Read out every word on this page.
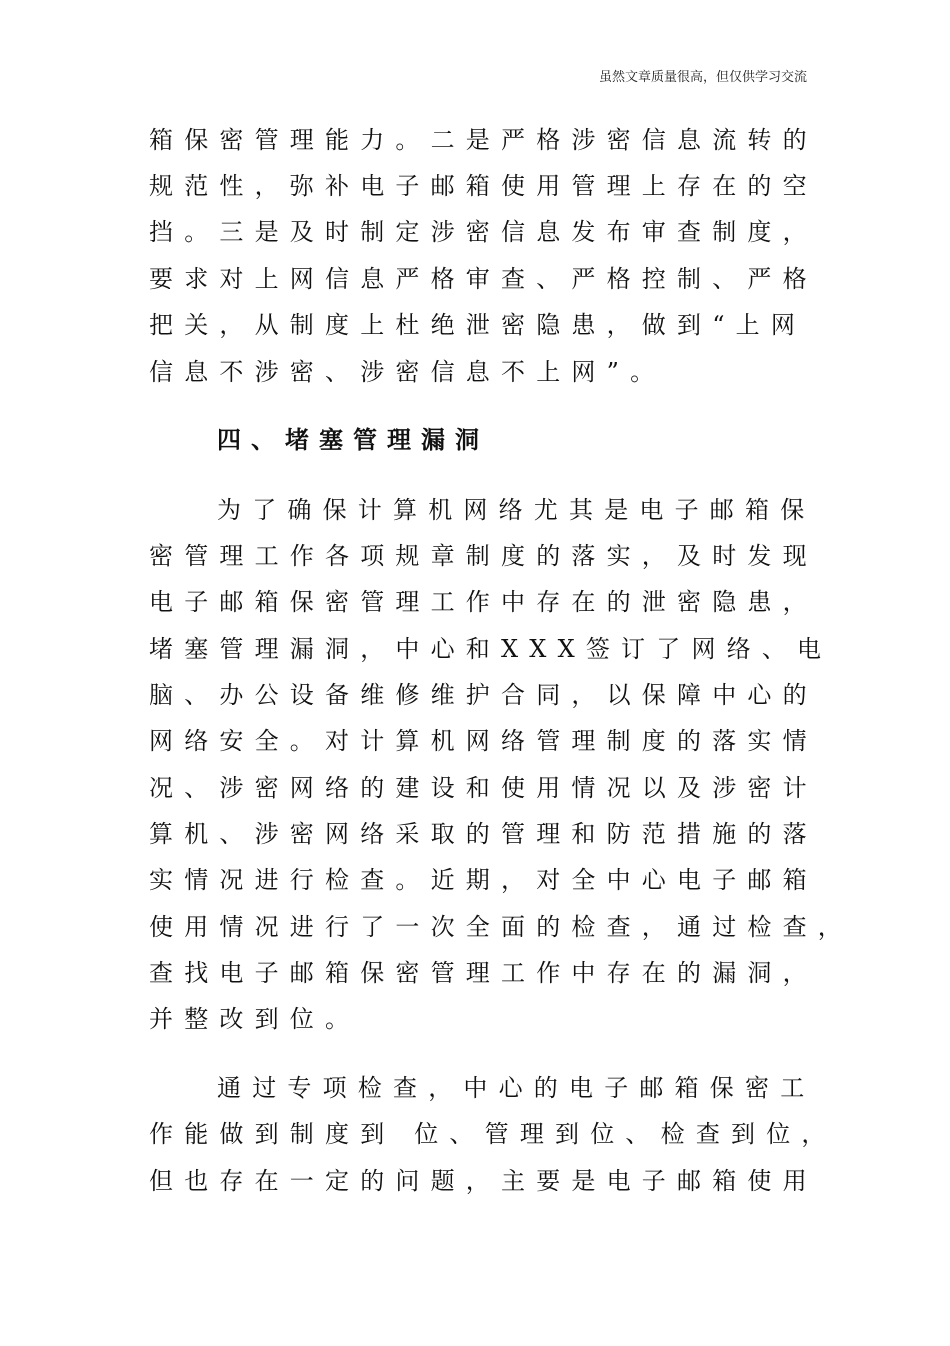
虽然文章质量很高，但仅供学习交流
箱保密管理能力。二是严格涉密信息流转的
规范性，弥补电子邮箱使用管理上存在的空
挡。三是及时制定涉密信息发布审查制度，
要求对上网信息严格审查、严格控制、严格
把关，从制度上杜绝泄密隐患，做到“上网
信息不涉密、涉密信息不上网”。
四、堵塞管理漏洞
为了确保计算机网络尤其是电子邮箱保
密管理工作各项规章制度的落实，及时发现
电子邮箱保密管理工作中存在的泄密隐患，
堵塞管理漏洞，中心和XXX签订了网络、电
脑、办公设备维修维护合同，以保障中心的
网络安全。对计算机网络管理制度的落实情
况、涉密网络的建设和使用情况以及涉密计
算机、涉密网络采取的管理和防范措施的落
实情况进行检查。近期，对全中心电子邮箱
使用情况进行了一次全面的检查，通过检查，
查找电子邮箱保密管理工作中存在的漏洞，
并整改到位。
通过专项检查，中心的电子邮箱保密工
作能做到制度到 位、管理到位、检查到位，
但也存在一定的问题，主要是电子邮箱使用
